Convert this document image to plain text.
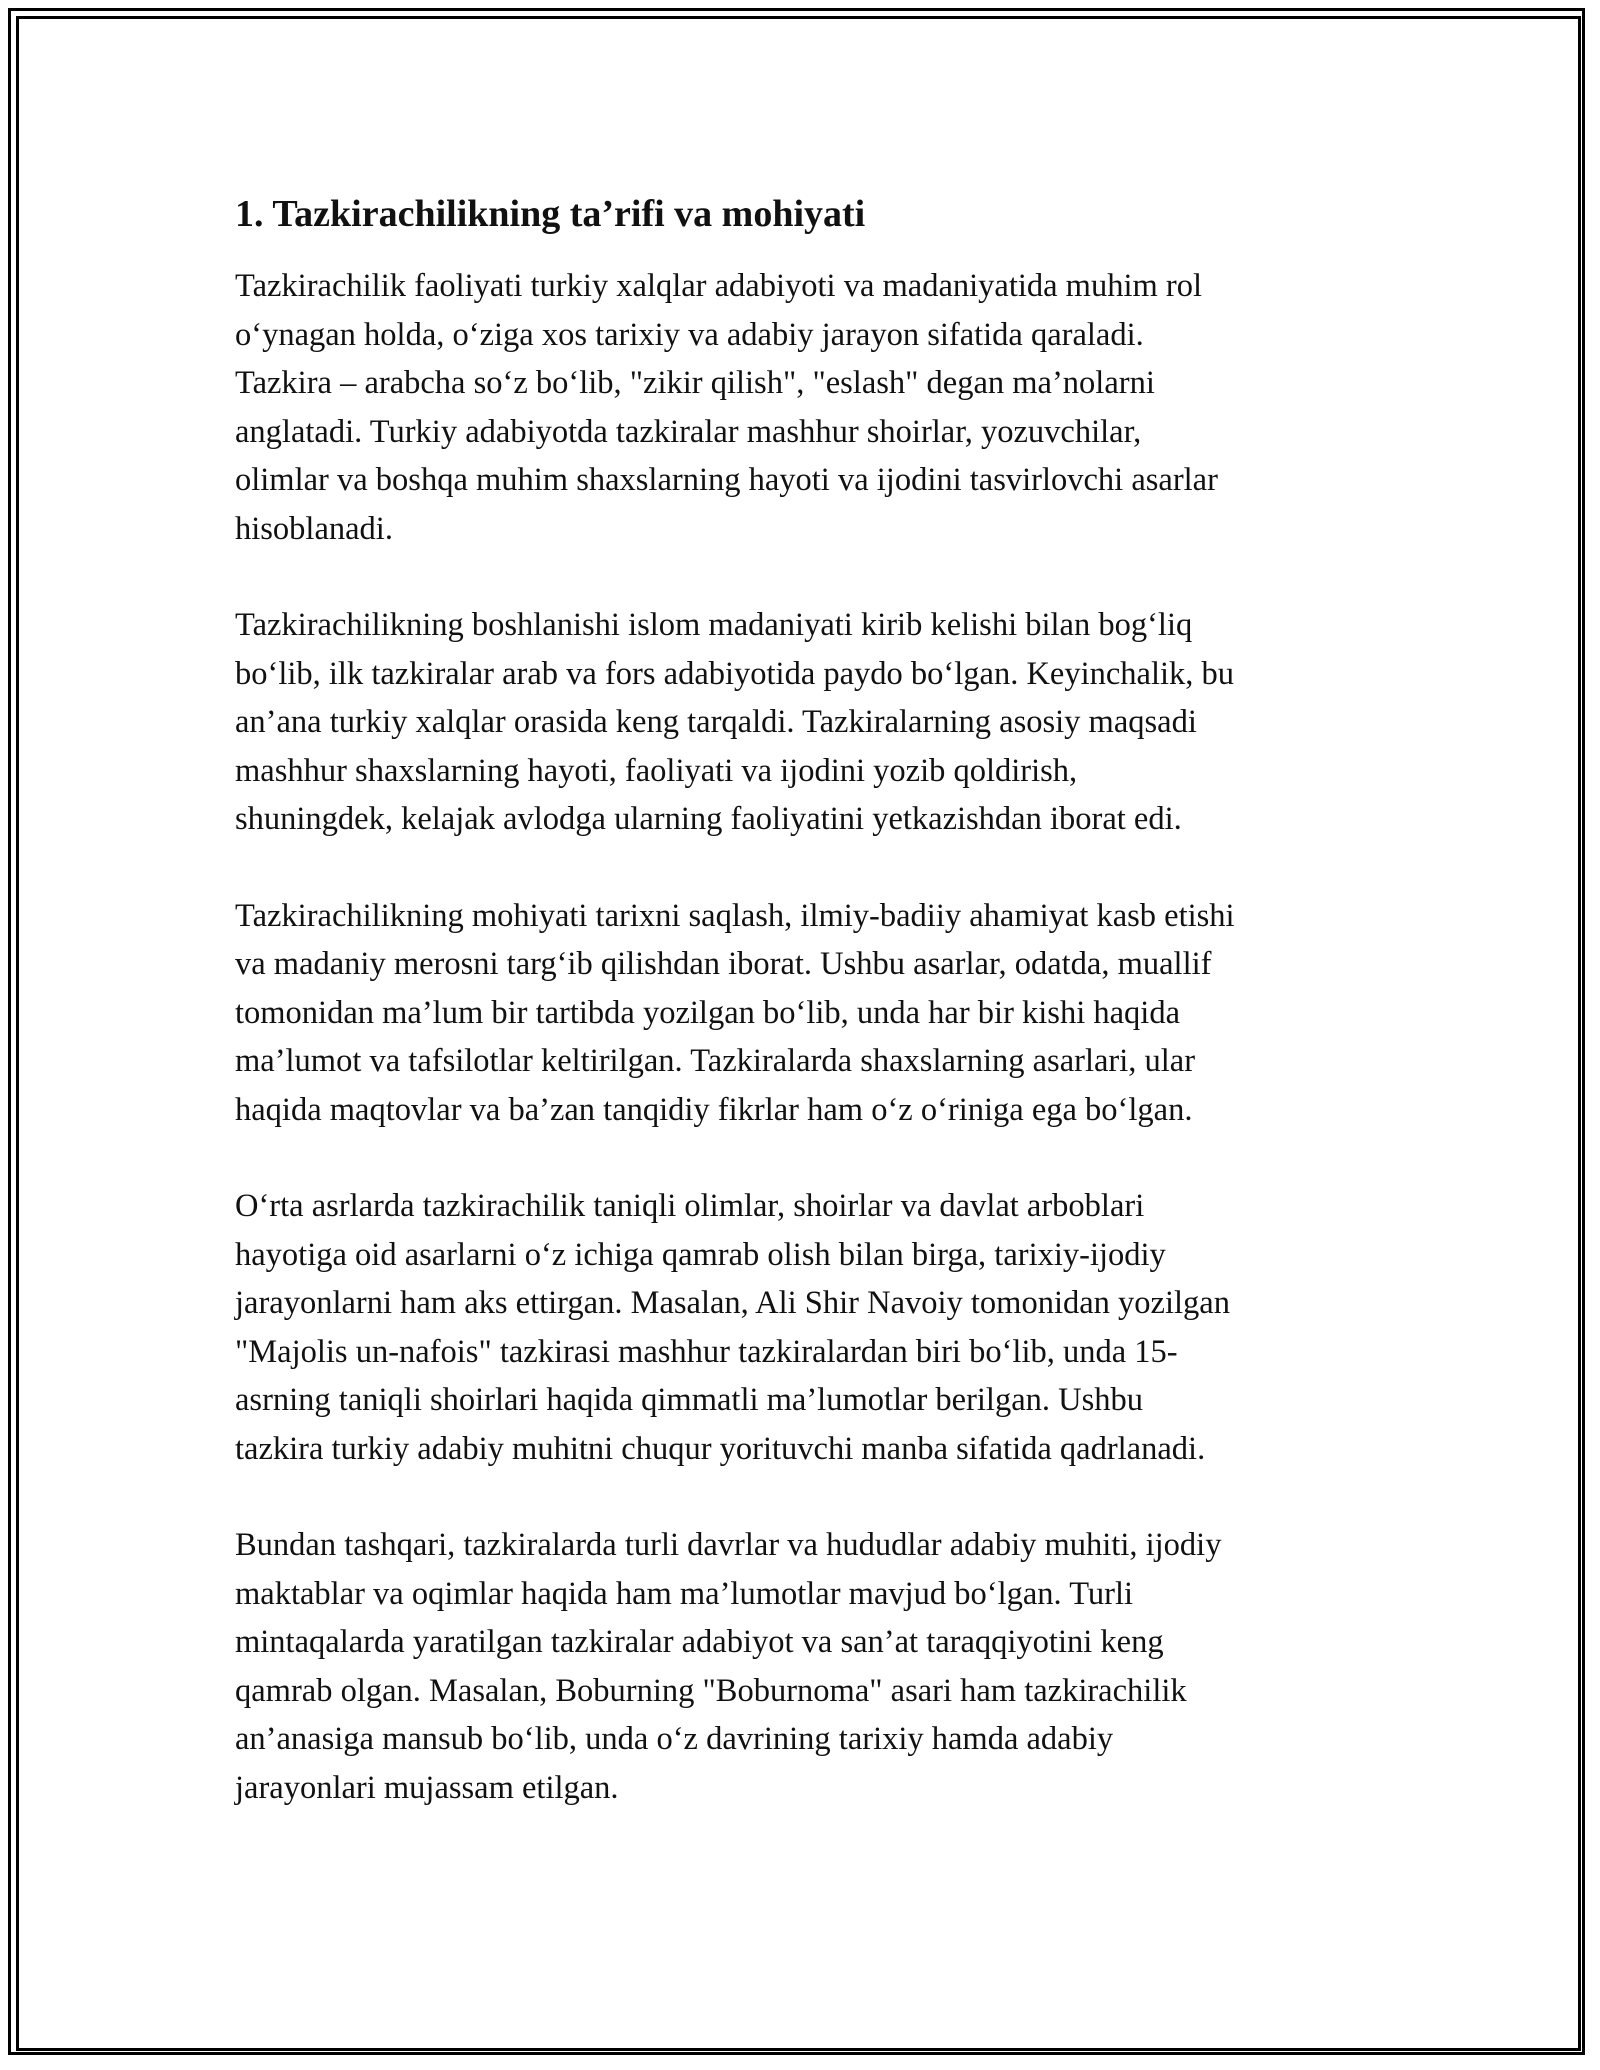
1. Tazkirachilikning ta’rifi va mohiyati

Tazkirachilik faoliyati turkiy xalqlar adabiyoti va madaniyatida muhim rol
o‘ynagan holda, o‘ziga xos tarixiy va adabiy jarayon sifatida qaraladi.
Tazkira – arabcha so‘z bo‘lib, "zikir qilish", "eslash" degan ma’nolarni
anglatadi. Turkiy adabiyotda tazkiralar mashhur shoirlar, yozuvchilar,
olimlar va boshqa muhim shaxslarning hayoti va ijodini tasvirlovchi asarlar
hisoblanadi.

Tazkirachilikning boshlanishi islom madaniyati kirib kelishi bilan bog‘liq
bo‘lib, ilk tazkiralar arab va fors adabiyotida paydo bo‘lgan. Keyinchalik, bu
an’ana turkiy xalqlar orasida keng tarqaldi. Tazkiralarning asosiy maqsadi
mashhur shaxslarning hayoti, faoliyati va ijodini yozib qoldirish,
shuningdek, kelajak avlodga ularning faoliyatini yetkazishdan iborat edi.

Tazkirachilikning mohiyati tarixni saqlash, ilmiy-badiiy ahamiyat kasb etishi
va madaniy merosni targ‘ib qilishdan iborat. Ushbu asarlar, odatda, muallif
tomonidan ma’lum bir tartibda yozilgan bo‘lib, unda har bir kishi haqida
ma’lumot va tafsilotlar keltirilgan. Tazkiralarda shaxslarning asarlari, ular
haqida maqtovlar va ba’zan tanqidiy fikrlar ham o‘z o‘riniga ega bo‘lgan.

O‘rta asrlarda tazkirachilik taniqli olimlar, shoirlar va davlat arboblari
hayotiga oid asarlarni o‘z ichiga qamrab olish bilan birga, tarixiy-ijodiy
jarayonlarni ham aks ettirgan. Masalan, Ali Shir Navoiy tomonidan yozilgan
"Majolis un-nafois" tazkirasi mashhur tazkiralardan biri bo‘lib, unda 15-
asrning taniqli shoirlari haqida qimmatli ma’lumotlar berilgan. Ushbu
tazkira turkiy adabiy muhitni chuqur yorituvchi manba sifatida qadrlanadi.

Bundan tashqari, tazkiralarda turli davrlar va hududlar adabiy muhiti, ijodiy
maktablar va oqimlar haqida ham ma’lumotlar mavjud bo‘lgan. Turli
mintaqalarda yaratilgan tazkiralar adabiyot va san’at taraqqiyotini keng
qamrab olgan. Masalan, Boburning "Boburnoma" asari ham tazkirachilik
an’anasiga mansub bo‘lib, unda o‘z davrining tarixiy hamda adabiy
jarayonlari mujassam etilgan.
